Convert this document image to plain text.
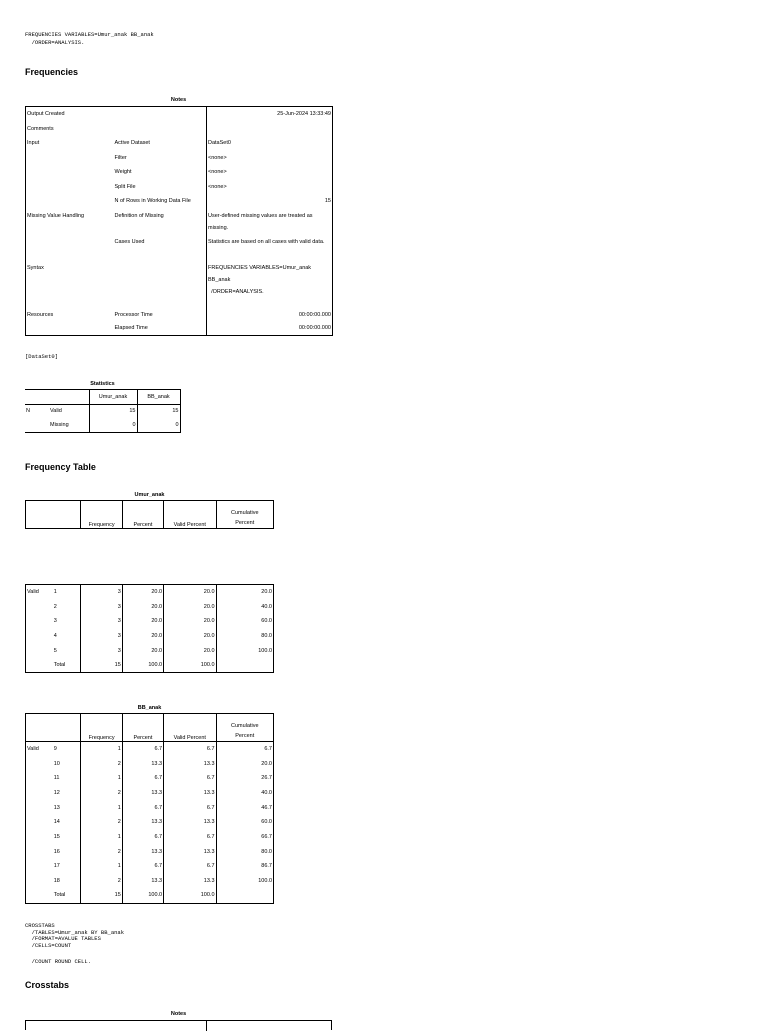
FREQUENCIES VARIABLES=Umur_anak BB_anak
/ORDER=ANALYSIS.
Frequencies
Notes
Output Created		25-Jun-2024 13:33:49
Comments		
Input	Active Dataset	DataSet0
	Filter	<none>
	Weight	<none>
	Split File	<none>
	N of Rows in Working Data File	15
Missing Value Handling	Definition of Missing	User-defined missing values are treated as missing.
	Cases Used	Statistics are based on all cases with valid data.
Syntax		FREQUENCIES VARIABLES=Umur_anak BB_anak
/ORDER=ANALYSIS.
Resources	Processor Time	00:00:00.000
	Elapsed Time	00:00:00.000
[DataSet0]
Statistics
		Umur_anak	BB_anak
N	Valid	15	15
	Missing	0	0
Frequency Table
Umur_anak
	Frequency	Percent	Valid Percent	Cumulative Percent
Valid	1	3	20.0	20.0	20.0
	2	3	20.0	20.0	40.0
	3	3	20.0	20.0	60.0
	4	3	20.0	20.0	80.0
	5	3	20.0	20.0	100.0
	Total	15	100.0	100.0	
BB_anak
		Frequency	Percent	Valid Percent	Cumulative Percent
Valid	9	1	6.7	6.7	6.7
	10	2	13.3	13.3	20.0
	11	1	6.7	6.7	26.7
	12	2	13.3	13.3	40.0
	13	1	6.7	6.7	46.7
	14	2	13.3	13.3	60.0
	15	1	6.7	6.7	66.7
	16	2	13.3	13.3	80.0
	17	1	6.7	6.7	86.7
	18	2	13.3	13.3	100.0
	Total	15	100.0	100.0	
CROSSTABS
/TABLES=Umur_anak BY BB_anak
/FORMAT=AVALUE TABLES
/CELLS=COUNT
/COUNT ROUND CELL.
Crosstabs
Notes
